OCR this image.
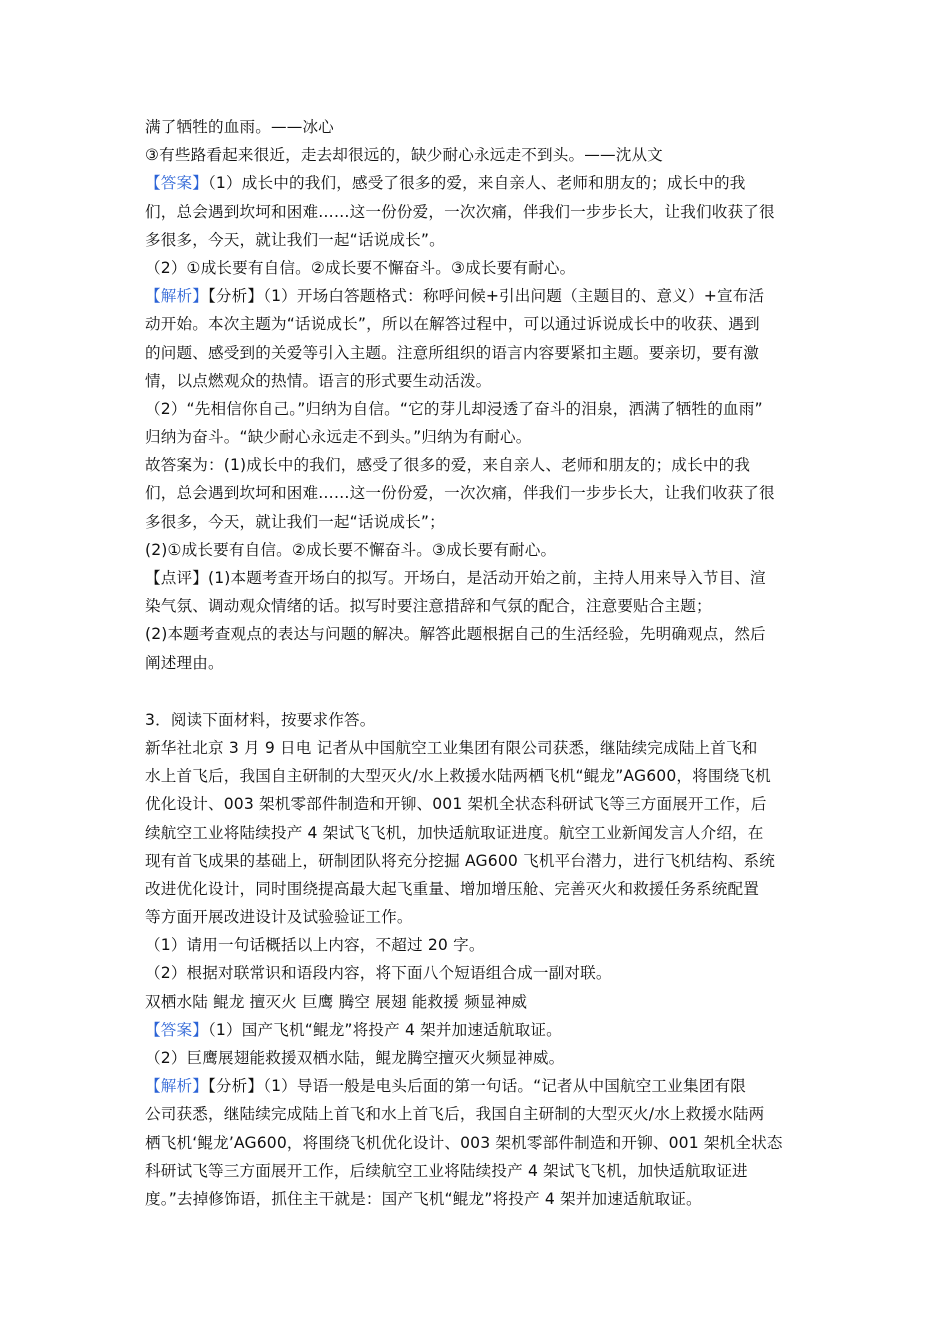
满了牺牲的血雨。——冰心
③有些路看起来很近，走去却很远的，缺少耐心永远走不到头。——沈从文
【答案】（1）成长中的我们，感受了很多的爱，来自亲人、老师和朋友的；成长中的我
们，总会遇到坎坷和困难……这一份份爱，一次次痛，伴我们一步步长大，让我们收获了很
多很多，今天，就让我们一起“话说成长”。
（2）①成长要有自信。②成长要不懈奋斗。③成长要有耐心。
【解析】【分析】（1）开场白答题格式：称呼问候+引出问题（主题目的、意义）+宣布活
动开始。本次主题为“话说成长”，所以在解答过程中，可以通过诉说成长中的收获、遇到
的问题、感受到的关爱等引入主题。注意所组织的语言内容要紧扣主题。要亲切，要有激
情，以点燃观众的热情。语言的形式要生动活泼。
（2）“先相信你自己。”归纳为自信。“它的芽儿却浸透了奋斗的泪泉，洒满了牺牲的血雨”
归纳为奋斗。“缺少耐心永远走不到头。”归纳为有耐心。
故答案为：(1)成长中的我们，感受了很多的爱，来自亲人、老师和朋友的；成长中的我
们，总会遇到坎坷和困难……这一份份爱，一次次痛，伴我们一步步长大，让我们收获了很
多很多，今天，就让我们一起“话说成长”；
(2)①成长要有自信。②成长要不懈奋斗。③成长要有耐心。
【点评】(1)本题考查开场白的拟写。开场白，是活动开始之前，主持人用来导入节目、渲
染气氛、调动观众情绪的话。拟写时要注意措辞和气氛的配合，注意要贴合主题；
(2)本题考查观点的表达与问题的解决。解答此题根据自己的生活经验，先明确观点，然后
阐述理由。
3．阅读下面材料，按要求作答。
新华社北京 3 月 9 日电 记者从中国航空工业集团有限公司获悉，继陆续完成陆上首飞和
水上首飞后，我国自主研制的大型灭火/水上救援水陆两栖飞机“鲲龙”AG600，将围绕飞机
优化设计、003 架机零部件制造和开铆、001 架机全状态科研试飞等三方面展开工作，后
续航空工业将陆续投产 4 架试飞飞机，加快适航取证进度。航空工业新闻发言人介绍，在
现有首飞成果的基础上，研制团队将充分挖掘 AG600 飞机平台潜力，进行飞机结构、系统
改进优化设计，同时围绕提高最大起飞重量、增加增压舱、完善灭火和救援任务系统配置
等方面开展改进设计及试验验证工作。
（1）请用一句话概括以上内容，不超过 20 字。
（2）根据对联常识和语段内容，将下面八个短语组合成一副对联。
双栖水陆 鲲龙 擅灭火 巨鹰 腾空 展翅 能救援 频显神威
【答案】（1）国产飞机“鲲龙”将投产 4 架并加速适航取证。
（2）巨鹰展翅能救援双栖水陆，鲲龙腾空擅灭火频显神威。
【解析】【分析】（1）导语一般是电头后面的第一句话。“记者从中国航空工业集团有限
公司获悉，继陆续完成陆上首飞和水上首飞后，我国自主研制的大型灭火/水上救援水陆两
栖飞机‘鲲龙’AG600，将围绕飞机优化设计、003 架机零部件制造和开铆、001 架机全状态
科研试飞等三方面展开工作，后续航空工业将陆续投产 4 架试飞飞机，加快适航取证进
度。”去掉修饰语，抓住主干就是：国产飞机“鲲龙”将投产 4 架并加速适航取证。
